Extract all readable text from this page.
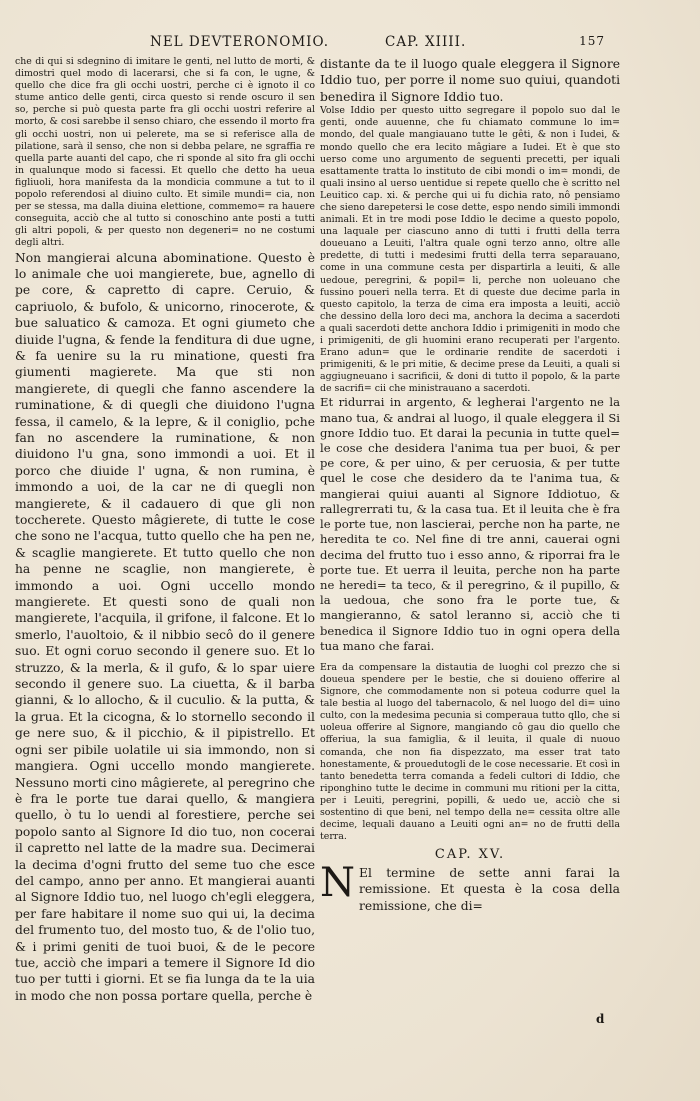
NEL DEVTERONOMIO.	CAP. XIIII.	157

che di qui si sdegnino di imitare le genti, nel lutto de morti, & dimostri quel modo di lacerarsi, che si fa con, le ugne, & quello che dice fra gli occhi uostri, perche ci è ignoto il co stume antico delle genti, circa questo si rende oscuro il sen so, perche si può questa parte fra gli occhi uostri referire al morto, & cosi sarebbe il senso chiaro, che essendo il morto fra gli occhi uostri, non ui pelerete, ma se si referisce alla de pilatione, sarà il senso, che non si debba pelare, ne sgraffia re quella parte auanti del capo, che ri sponde al sito fra gli occhi in qualunque modo si facessi. Et quello che detto ha ueua figliuoli, hora manifesta da la mondicia commune a tut to il popolo referendosi al diuino culto. Et simile mundi= cia, non per se stessa, ma dalla diuina elettione, commemo= ra hauere conseguita, acciò che al tutto si conoschino ante posti a tutti gli altri popoli, & per questo non degeneri= no ne costumi degli altri.

Non mangierai alcuna abominatione. Questo è lo animale che uoi mangierete, bue, agnello di pe core, & capretto di capre. Ceruio, & capriuolo, & bufolo, & unicorno, rinocerote, & bue saluatico & camoza. Et ogni giumeto che diuide l'ugna, & fende la fenditura di due ugne, & fa uenire su la ru minatione, questi fra giumenti magierete. Ma que sti non mangierete, di quegli che fanno ascendere la ruminatione, & di quegli che diuidono l'ugna fessa, il camelo, & la lepre, & il coniglio, pche fan no ascendere la ruminatione, & non diuidono l'u gna, sono immondi a uoi. Et il porco che diuide l' ugna, & non rumina, è immondo a uoi, de la car ne di quegli non mangierete, & il cadauero di que gli non toccherete. Questo mâgierete, di tutte le cose che sono ne l'acqua, tutto quello che ha pen ne, & scaglie mangierete. Et tutto quello che non ha penne ne scaglie, non mangierete, è immondo a uoi. Ogni uccello mondo mangierete. Et questi sono de quali non mangierete, l'acquila, il grifone, il falcone. Et lo smerlo, l'auoltoio, & il nibbio secô do il genere suo. Et ogni coruo secondo il genere suo. Et lo struzzo, & la merla, & il gufo, & lo spar uiere secondo il genere suo. La ciuetta, & il barba gianni, & lo allocho, & il cuculio. & la putta, & la grua. Et la cicogna, & lo stornello secondo il ge nere suo, & il picchio, & il pipistrello. Et ogni ser pibile uolatile ui sia immondo, non si mangiera. Ogni uccello mondo mangierete. Nessuno morti cino mâgierete, al peregrino che è fra le porte tue darai quello, & mangiera quello, ò tu lo uendi al forestiere, perche sei popolo santo al Signore Id dio tuo, non cocerai il capretto nel latte de la madre sua. Decimerai la decima d'ogni frutto del seme tuo che esce del campo, anno per anno. Et mangierai auanti al Signore Iddio tuo, nel luogo ch'egli eleggera, per fare habitare il nome suo qui ui, la decima del frumento tuo, del mosto tuo, & de l'olio tuo, & i primi geniti de tuoi buoi, & de le pecore tue, acciò che impari a temere il Signore Id dio tuo per tutti i giorni. Et se fia lunga da te la uia in modo che non possa portare quella, perche è

distante da te il luogo quale eleggera il Signore Iddio tuo, per porre il nome suo quiui, quandoti benedira il Signore Iddio tuo.

Volse Iddio per questo uitto segregare il popolo suo dal le genti, onde auuenne, che fu chiamato commune lo im= mondo, del quale mangiauano tutte le gêti, & non i Iudei, & mondo quello che era lecito mâgiare a Iudei. Et è que sto uerso come uno argumento de seguenti precetti, per iquali esattamente tratta lo instituto de cibi mondi o im= mondi, de quali insino al uerso uentidue si repete quello che è scritto nel Leuitico cap. xi. & perche qui ui fu dichia rato, nô pensiamo che sieno darepetersi le cose dette, espo nendo simili immondi animali. Et in tre modi pose Iddio le decime a questo popolo, una laquale per ciascuno anno di tutti i frutti della terra doueuano a Leuiti, l'altra quale ogni terzo anno, oltre alle predette, di tutti i medesimi frutti della terra separauano, come in una commune cesta per dispartirla a leuiti, & alle uedoue, peregrini, & popil= li, perche non uoleuano che fussino poueri nella terra. Et di queste due decime parla in questo capitolo, la terza de cima era imposta a leuiti, acciò che dessino della loro deci ma, anchora la decima a sacerdoti a quali sacerdoti dette anchora Iddio i primigeniti in modo che i primigeniti, de gli huomini erano recuperati per l'argento. Erano adun= que le ordinarie rendite de sacerdoti i primigeniti, & le pri mitie, & decime prese da Leuiti, a quali si aggiugneuano i sacrificii, & doni di tutto il popolo, & la parte de sacrifi= cii che ministrauano a sacerdoti.

Et ridurrai in argento, & legherai l'argento ne la mano tua, & andrai al luogo, il quale eleggera il Si gnore Iddio tuo. Et darai la pecunia in tutte quel= le cose che desidera l'anima tua per buoi, & per pe core, & per uino, & per ceruosia, & per tutte quel le cose che desidero da te l'anima tua, & mangierai quiui auanti al Signore Iddiotuo, & rallegrerrati tu, & la casa tua. Et il leuita che è fra le porte tue, non lascierai, perche non ha parte, ne heredita te co. Nel fine di tre anni, cauerai ogni decima del frutto tuo i esso anno, & riporrai fra le porte tue. Et uerra il leuita, perche non ha parte ne heredi= ta teco, & il peregrino, & il pupillo, & la uedoua, che sono fra le porte tue, & mangieranno, & satol leranno si, acciò che ti benedica il Signore Iddio tuo in ogni opera della tua mano che farai.

Era da compensare la distautia de luoghi col prezzo che si doueua spendere per le bestie, che si douieno offerire al Signore, che commodamente non si poteua codurre quel la tale bestia al luogo del tabernacolo, & nel luogo del di= uino culto, con la medesima pecunia si comperaua tutto qllo, che si uoleua offerire al Signore, mangiando cô gau dio quello che offeriua, la sua famiglia, & il leuita, il quale di nuouo comanda, che non fia dispezzato, ma esser trat tato honestamente, & prouedutogli de le cose necessarie. Et così in tanto benedetta terra comanda a fedeli cultori di Iddio, che riponghino tutte le decime in communi mu ritioni per la citta, per i Leuiti, peregrini, popilli, & uedo ue, acciò che si sostentino di que beni, nel tempo della ne= cessita oltre alle decime, lequali dauano a Leuiti ogni an= no de frutti della terra.

CAP. XV.

N El termine de sette anni farai la remissione. Et questa è la cosa della remissione, che di=

d
